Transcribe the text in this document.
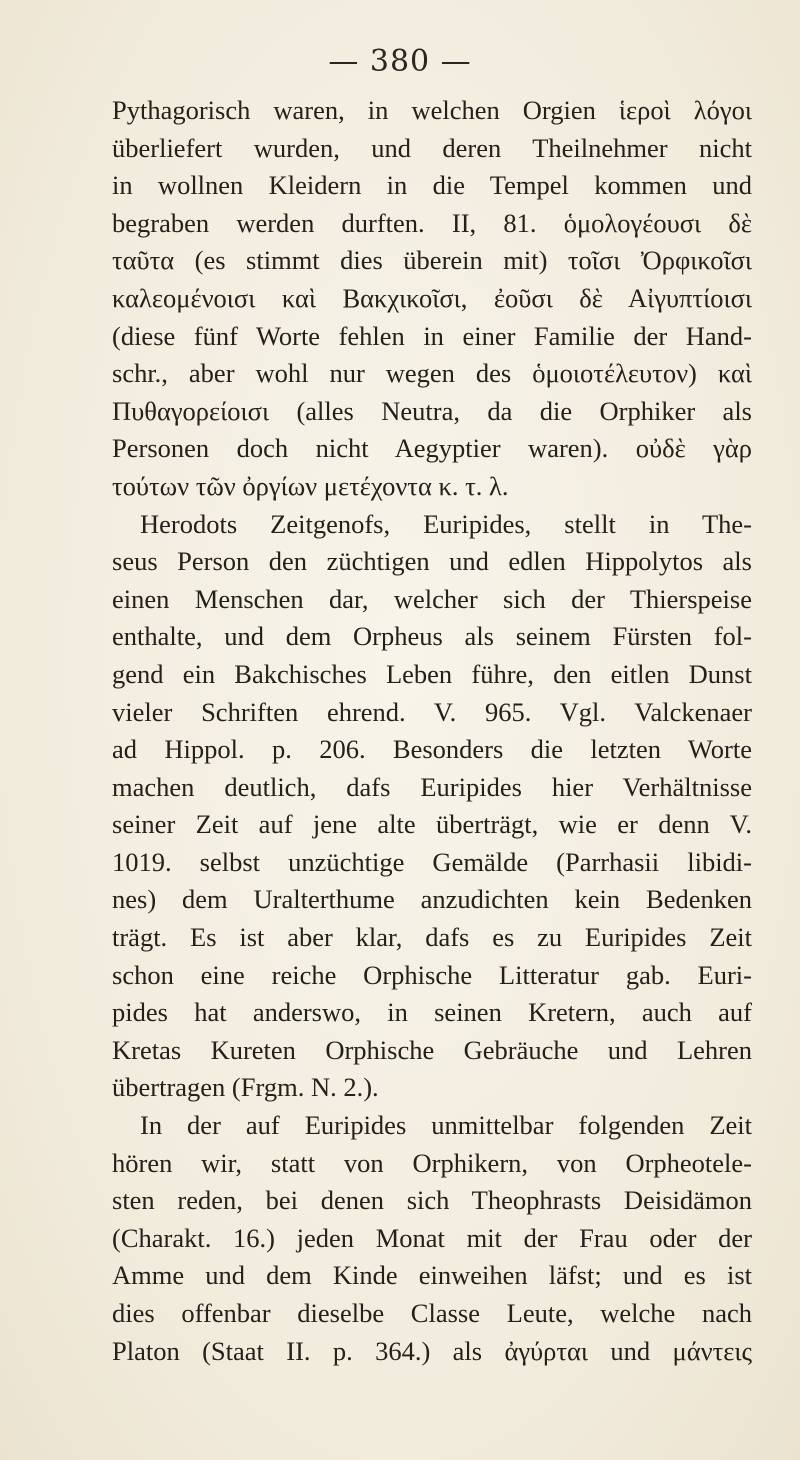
— 380 —
Pythagorisch waren, in welchen Orgien ἱεροὶ λόγοι
überliefert wurden, und deren Theilnehmer nicht
in wollnen Kleidern in die Tempel kommen und
begraben werden durften. II, 81. ὁμολογέουσι δὲ
ταῦτα (es stimmt dies überein mit) τοῖσι Ὀρφικοῖσι
καλεομένοισι καὶ Βακχικοῖσι, ἐοῦσι δὲ Αἰγυπτίοισι
(diese fünf Worte fehlen in einer Familie der Hand-
schr., aber wohl nur wegen des ὁμοιοτέλευτον) καὶ
Πυθαγορείοισι (alles Neutra, da die Orphiker als
Personen doch nicht Aegyptier waren). οὐδὲ γὰρ
τούτων τῶν ὀργίων μετέχοντα κ. τ. λ.
Herodots Zeitgenofs, Euripides, stellt in The-
seus Person den züchtigen und edlen Hippolytos als
einen Menschen dar, welcher sich der Thierspeise
enthalte, und dem Orpheus als seinem Fürsten fol-
gend ein Bakchisches Leben führe, den eitlen Dunst
vieler Schriften ehrend. V. 965. Vgl. Valckenaer
ad Hippol. p. 206. Besonders die letzten Worte
machen deutlich, dafs Euripides hier Verhältnisse
seiner Zeit auf jene alte überträgt, wie er denn V.
1019. selbst unzüchtige Gemälde (Parrhasii libidi-
nes) dem Uralterthume anzudichten kein Bedenken
trägt. Es ist aber klar, dafs es zu Euripides Zeit
schon eine reiche Orphische Litteratur gab. Euri-
pides hat anderswo, in seinen Kretern, auch auf
Kretas Kureten Orphische Gebräuche und Lehren
übertragen (Frgm. N. 2.).
In der auf Euripides unmittelbar folgenden Zeit
hören wir, statt von Orphikern, von Orpheotele-
sten reden, bei denen sich Theophrasts Deisidämon
(Charakt. 16.) jeden Monat mit der Frau oder der
Amme und dem Kinde einweihen läfst; und es ist
dies offenbar dieselbe Classe Leute, welche nach
Platon (Staat II. p. 364.) als ἀγύρται und μάντεις
